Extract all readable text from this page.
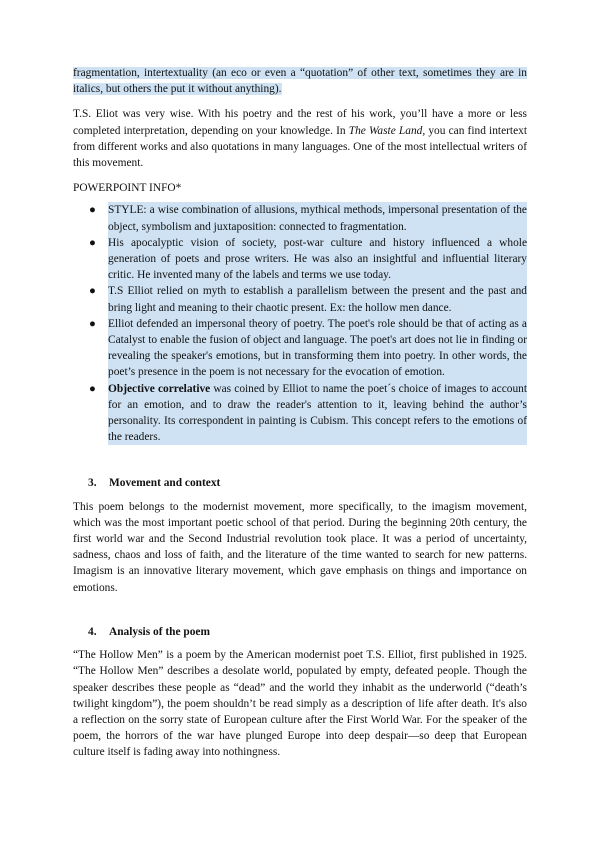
fragmentation, intertextuality (an eco or even a “quotation” of other text, sometimes they are in italics, but others the put it without anything).

T.S. Eliot was very wise. With his poetry and the rest of his work, you’ll have a more or less completed interpretation, depending on your knowledge. In The Waste Land, you can find intertext from different works and also quotations in many languages. One of the most intellectual writers of this movement.

POWERPOINT INFO*

● STYLE: a wise combination of allusions, mythical methods, impersonal presentation of the object, symbolism and juxtaposition: connected to fragmentation.
● His apocalyptic vision of society, post-war culture and history influenced a whole generation of poets and prose writers. He was also an insightful and influential literary critic. He invented many of the labels and terms we use today.
● T.S Elliot relied on myth to establish a parallelism between the present and the past and bring light and meaning to their chaotic present. Ex: the hollow men dance.
● Elliot defended an impersonal theory of poetry. The poet's role should be that of acting as a Catalyst to enable the fusion of object and language. The poet's art does not lie in finding or revealing the speaker's emotions, but in transforming them into poetry. In other words, the poet’s presence in the poem is not necessary for the evocation of emotion.
● Objective correlative was coined by Elliot to name the poet´s choice of images to account for an emotion, and to draw the reader's attention to it, leaving behind the author’s personality. Its correspondent in painting is Cubism. This concept refers to the emotions of the readers.
3. Movement and context

This poem belongs to the modernist movement, more specifically, to the imagism movement, which was the most important poetic school of that period. During the beginning 20th century, the first world war and the Second Industrial revolution took place. It was a period of uncertainty, sadness, chaos and loss of faith, and the literature of the time wanted to search for new patterns. Imagism is an innovative literary movement, which gave emphasis on things and importance on emotions.

4. Analysis of the poem

“The Hollow Men” is a poem by the American modernist poet T.S. Elliot, first published in 1925. “The Hollow Men” describes a desolate world, populated by empty, defeated people. Though the speaker describes these people as “dead” and the world they inhabit as the underworld (“death’s twilight kingdom”), the poem shouldn’t be read simply as a description of life after death. It's also a reflection on the sorry state of European culture after the First World War. For the speaker of the poem, the horrors of the war have plunged Europe into deep despair—so deep that European culture itself is fading away into nothingness.
